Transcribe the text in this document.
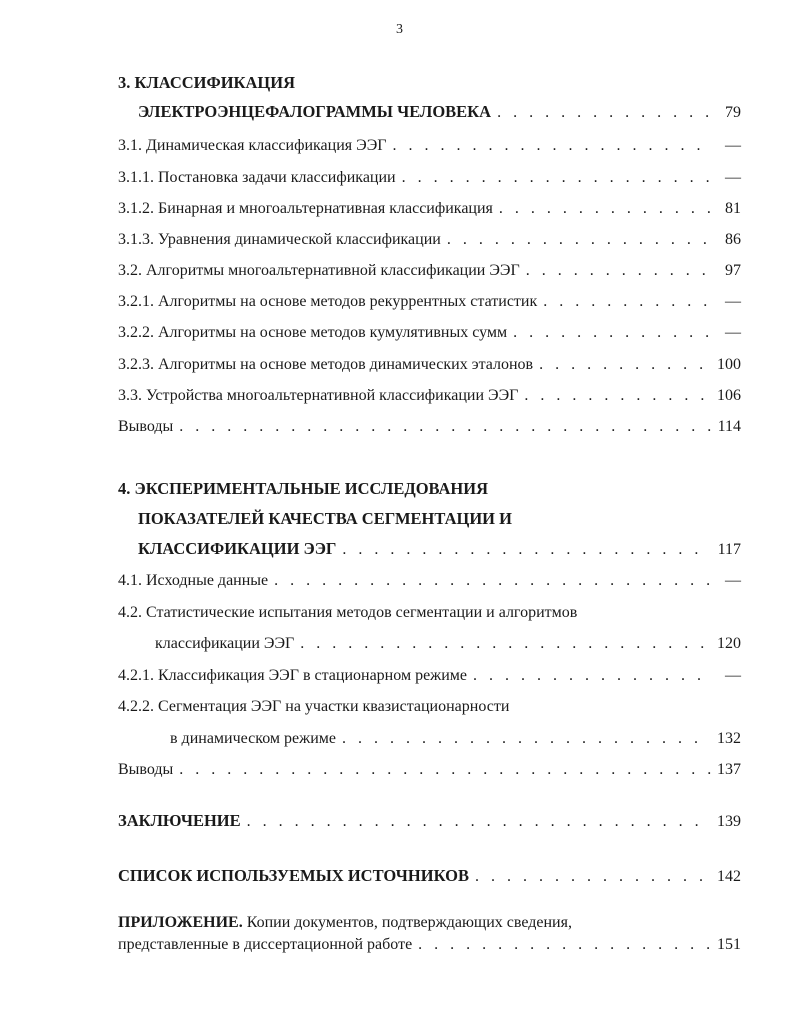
3
3. КЛАССИФИКАЦИЯ
ЭЛЕКТРОЭНЦЕФАЛОГРАММЫ ЧЕЛОВЕКА . . .	79
3.1. Динамическая классификация ЭЭГ . . .	—
3.1.1. Постановка задачи классификации . . .	—
3.1.2. Бинарная и многоальтернативная классификация . . .	81
3.1.3. Уравнения динамической классификации . . .	86
3.2. Алгоритмы многоальтернативной классификации ЭЭГ . . .	97
3.2.1. Алгоритмы на основе методов рекуррентных статистик . . .	—
3.2.2. Алгоритмы на основе методов кумулятивных сумм . . .	—
3.2.3. Алгоритмы на основе методов динамических эталонов . . .	100
3.3. Устройства многоальтернативной классификации ЭЭГ . . .	106
Выводы . . .	114
4. ЭКСПЕРИМЕНТАЛЬНЫЕ ИССЛЕДОВАНИЯ
ПОКАЗАТЕЛЕЙ КАЧЕСТВА СЕГМЕНТАЦИИ И
КЛАССИФИКАЦИИ ЭЭГ . . .	117
4.1. Исходные данные . . .	—
4.2. Статистические испытания методов сегментации и алгоритмов
классификации ЭЭГ . . .	120
4.2.1. Классификация ЭЭГ в стационарном режиме . . .	—
4.2.2. Сегментация ЭЭГ на участки квазистационарности
в динамическом режиме . . .	132
Выводы . . .	137
ЗАКЛЮЧЕНИЕ . . .	139
СПИСОК ИСПОЛЬЗУЕМЫХ ИСТОЧНИКОВ . . .	142
ПРИЛОЖЕНИЕ. Копии документов, подтверждающих сведения,
представленные в диссертационной работе . . .	151
